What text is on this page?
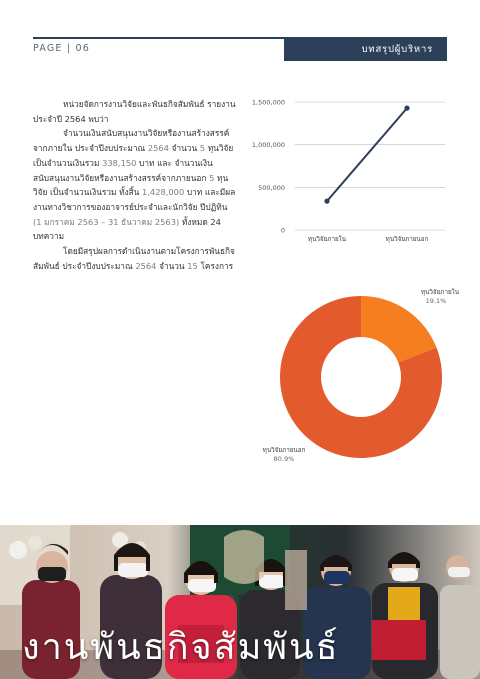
PAGE | 06	บทสรุปผู้บริหาร

หน่วยจัดการงานวิจัยและพันธกิจสัมพันธ์ รายงานประจำปี 2564 พบว่า

จำนวนเงินสนับสนุนงานวิจัยหรืองานสร้างสรรค์จากภายใน ประจำปีงบประมาณ 2564 จำนวน 5 ทุนวิจัย เป็นจำนวนเงินรวม 338,150 บาท และ จำนวนเงินสนับสนุนงานวิจัยหรืองานสร้างสรรค์จากภายนอก 5 ทุนวิจัย เป็นจำนวนเงินรวม ทั้งสิ้น 1,428,000 บาท และมีผลงานทางวิชาการของอาจารย์ประจำและนักวิจัย ปีปฏิทิน (1 มกราคม 2563 – 31 ธันวาคม 2563) ทั้งหมด 24 บทความ

โดยมีสรุปผลการดำเนินงานตามโครงการพันธกิจสัมพันธ์ ประจำปีงบประมาณ 2564 จำนวน 15 โครงการ

0
500,000
1,000,000
1,500,000
ทุนวิจัยภายใน	ทุนวิจัยภายนอก
ทุนวิจัยภายใน
19.1%
ทุนวิจัยภายนอก
80.9%
งานพันธกิจสัมพันธ์
